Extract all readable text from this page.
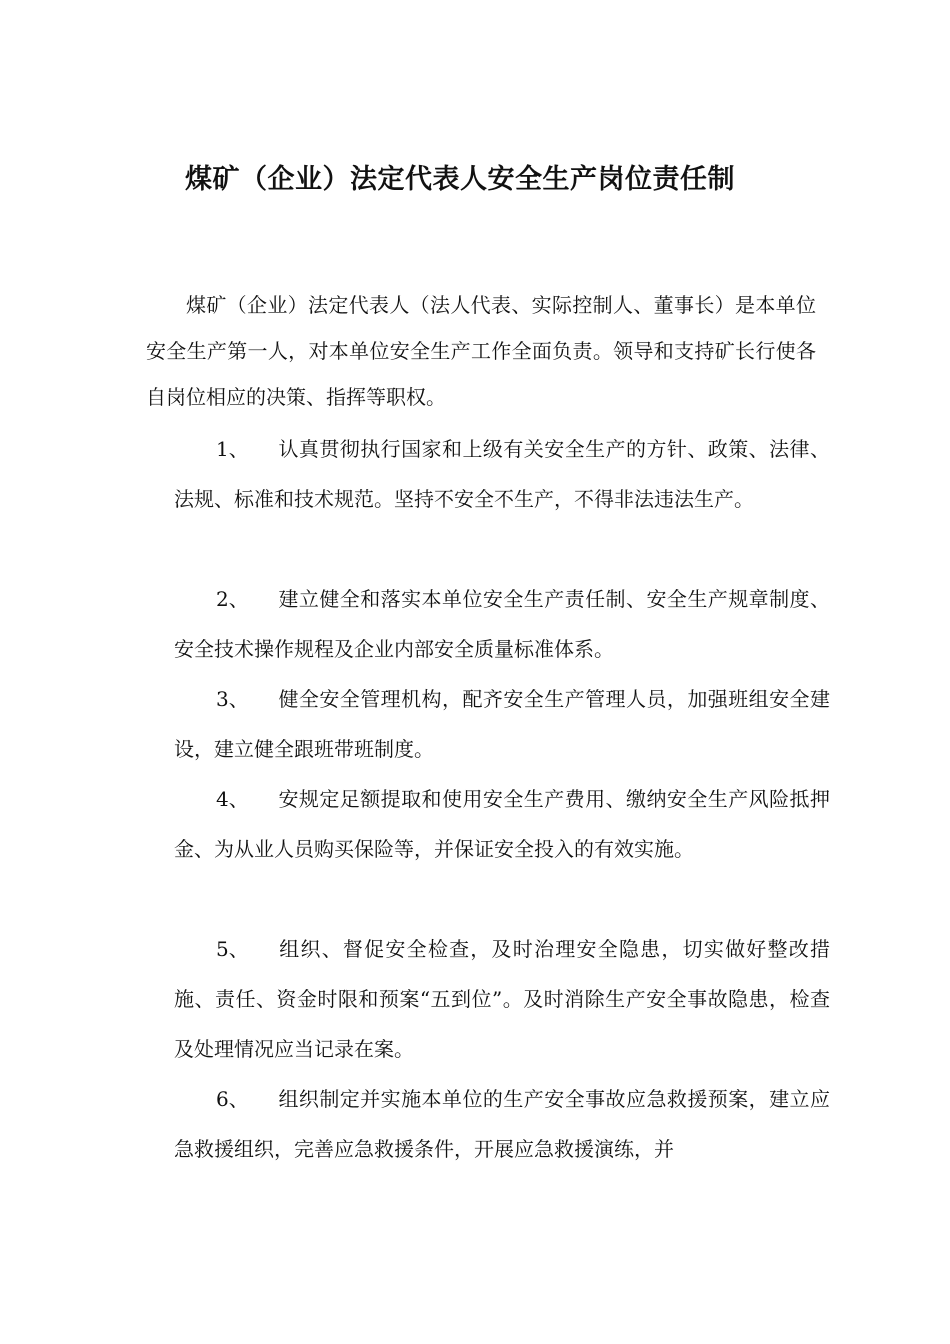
煤矿（企业）法定代表人安全生产岗位责任制

煤矿（企业）法定代表人（法人代表、实际控制人、董事长）是本单位安全生产第一人，对本单位安全生产工作全面负责。领导和支持矿长行使各自岗位相应的决策、指挥等职权。

1、 认真贯彻执行国家和上级有关安全生产的方针、政策、法律、法规、标准和技术规范。坚持不安全不生产，不得非法违法生产。

2、 建立健全和落实本单位安全生产责任制、安全生产规章制度、安全技术操作规程及企业内部安全质量标准体系。

3、 健全安全管理机构，配齐安全生产管理人员，加强班组安全建设，建立健全跟班带班制度。

4、 安规定足额提取和使用安全生产费用、缴纳安全生产风险抵押金、为从业人员购买保险等，并保证安全投入的有效实施。

5、 组织、督促安全检查，及时治理安全隐患，切实做好整改措施、责任、资金时限和预案“五到位”。及时消除生产安全事故隐患，检查及处理情况应当记录在案。

6、 组织制定并实施本单位的生产安全事故应急救援预案，建立应急救援组织，完善应急救援条件，开展应急救援演练，并
